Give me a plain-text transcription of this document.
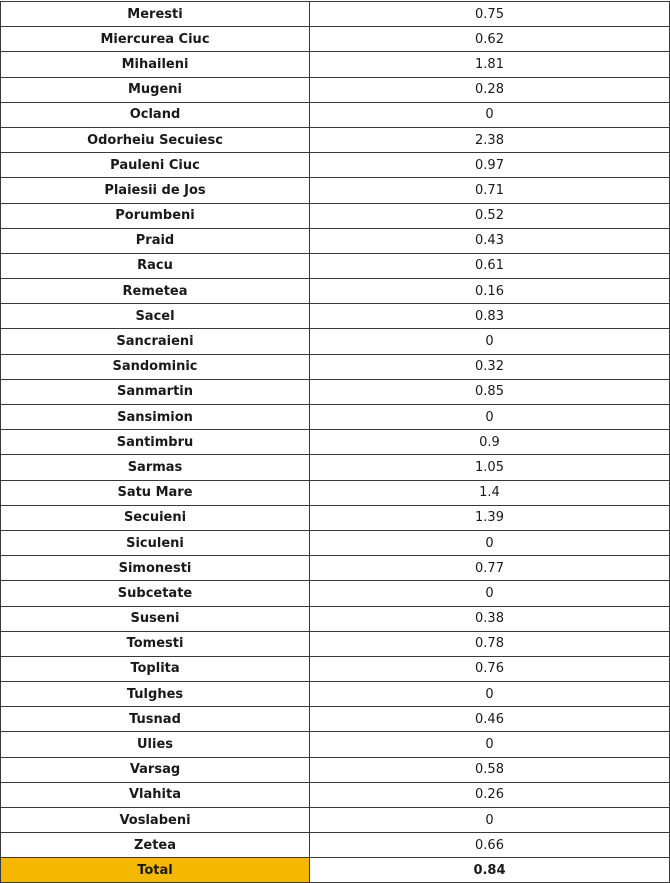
Meresti	0.75
Miercurea Ciuc	0.62
Mihaileni	1.81
Mugeni	0.28
Ocland	0
Odorheiu Secuiesc	2.38
Pauleni Ciuc	0.97
Plaiesii de Jos	0.71
Porumbeni	0.52
Praid	0.43
Racu	0.61
Remetea	0.16
Sacel	0.83
Sancraieni	0
Sandominic	0.32
Sanmartin	0.85
Sansimion	0
Santimbru	0.9
Sarmas	1.05
Satu Mare	1.4
Secuieni	1.39
Siculeni	0
Simonesti	0.77
Subcetate	0
Suseni	0.38
Tomesti	0.78
Toplita	0.76
Tulghes	0
Tusnad	0.46
Ulies	0
Varsag	0.58
Vlahita	0.26
Voslabeni	0
Zetea	0.66
Total	0.84
